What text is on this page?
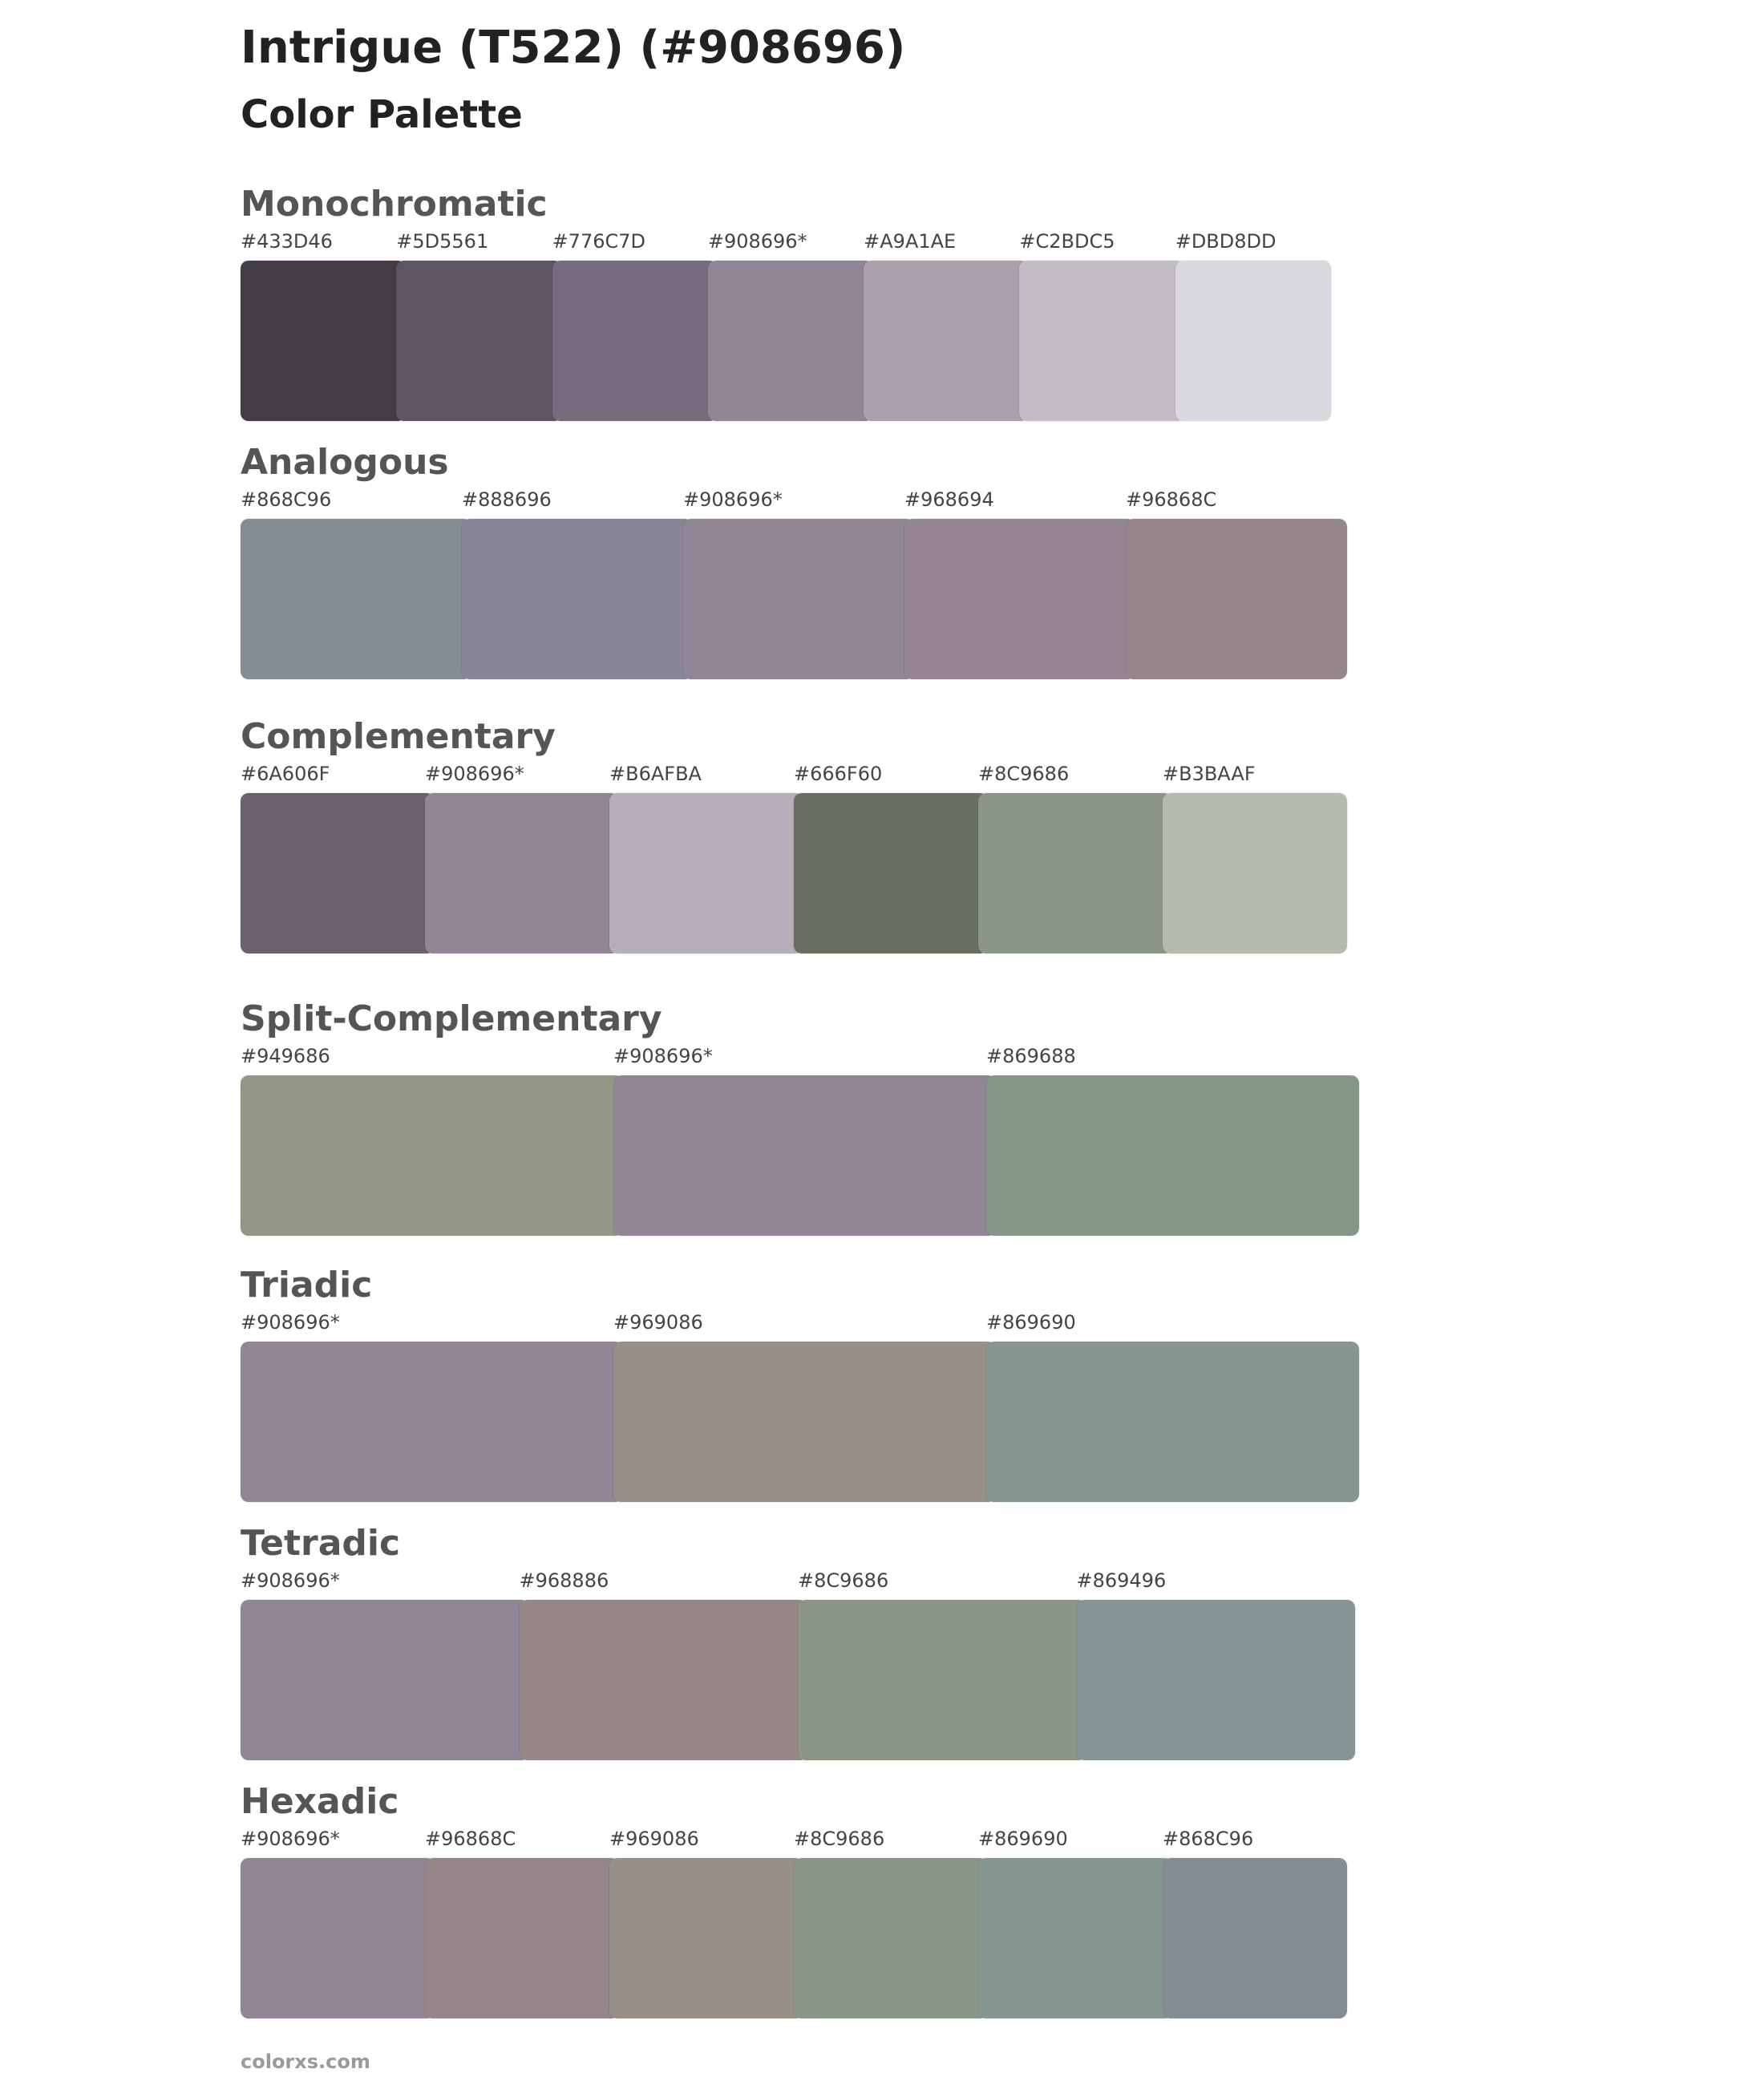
Intrigue (T522) (#908696)
Color Palette
Monochromatic
#433D46	#5D5561	#776C7D	#908696*	#A9A1AE	#C2BDC5	#DBD8DD
Analogous
#868C96	#888696	#908696*	#968694	#96868C
Complementary
#6A606F	#908696*	#B6AFBA	#666F60	#8C9686	#B3BAAF
Split-Complementary
#949686	#908696*	#869688
Triadic
#908696*	#969086	#869690
Tetradic
#908696*	#968886	#8C9686	#869496
Hexadic
#908696*	#96868C	#969086	#8C9686	#869690	#868C96
colorxs.com
